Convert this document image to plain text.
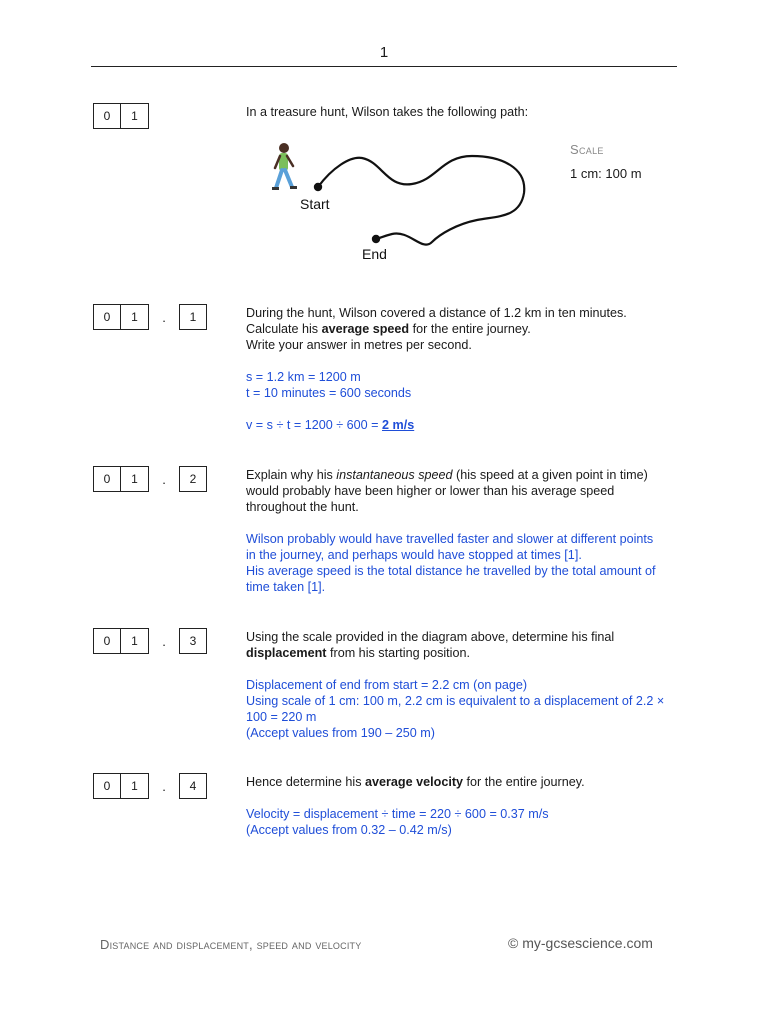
1
0	1	In a treasure hunt, Wilson takes the following path:

Start
End
Scale
1 cm: 100 m
0	1	.	1	During the hunt, Wilson covered a distance of 1.2 km in ten minutes.

Calculate his average speed for the entire journey.

Write your answer in metres per second.

s = 1.2 km = 1200 m

t = 10 minutes = 600 seconds

v = s ÷ t = 1200 ÷ 600 = 2 m/s

0	1	.	2	Explain why his instantaneous speed (his speed at a given point in time) would probably have been higher or lower than his average speed throughout the hunt.

Wilson probably would have travelled faster and slower at different points in the journey, and perhaps would have stopped at times [1].

His average speed is the total distance he travelled by the total amount of time taken [1].

0	1	.	3	Using the scale provided in the diagram above, determine his final

displacement from his starting position.

Displacement of end from start = 2.2 cm (on page)

Using scale of 1 cm: 100 m, 2.2 cm is equivalent to a displacement of 2.2 × 100 = 220 m

(Accept values from 190 – 250 m)

0	1	.	4	Hence determine his average velocity for the entire journey.

Velocity = displacement ÷ time = 220 ÷ 600 = 0.37 m/s

(Accept values from 0.32 – 0.42 m/s)

Distance and displacement, speed and velocity	© my-gcsescience.com
